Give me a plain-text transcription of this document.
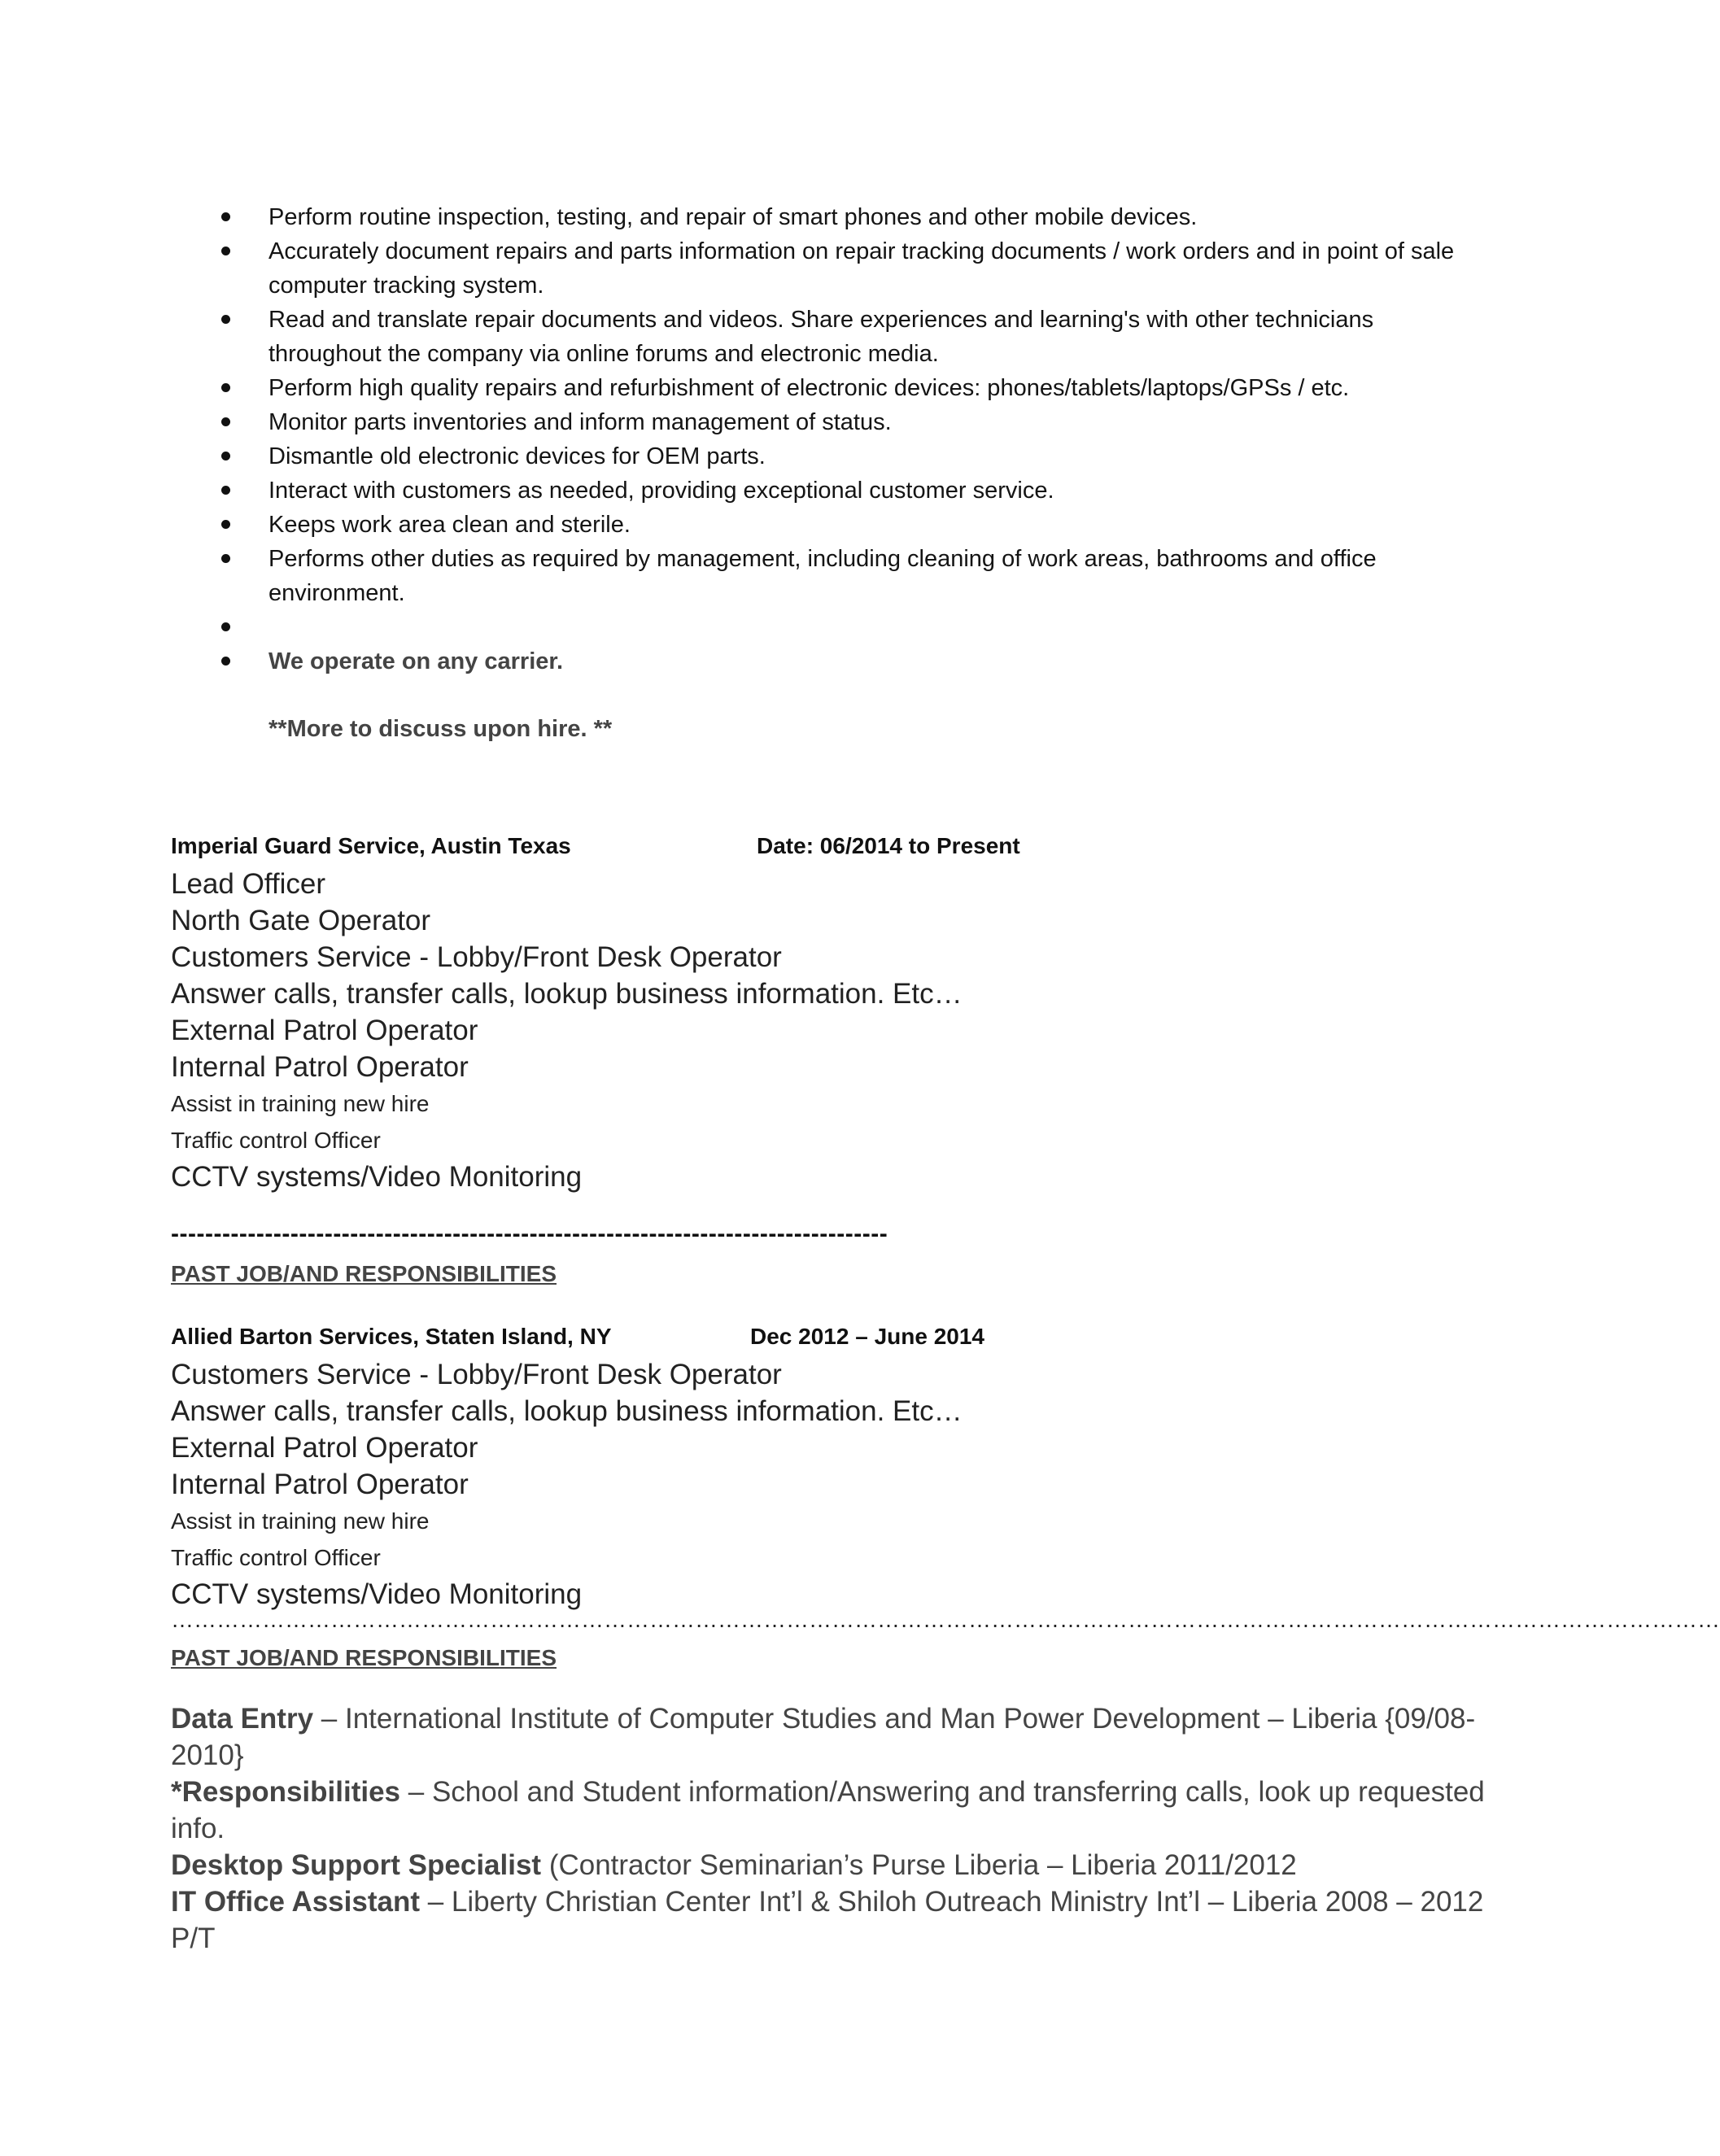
Perform routine inspection, testing, and repair of smart phones and other mobile devices.
Accurately document repairs and parts information on repair tracking documents / work orders and in point of sale computer tracking system.
Read and translate repair documents and videos. Share experiences and learning's with other technicians throughout the company via online forums and electronic media.
Perform high quality repairs and refurbishment of electronic devices: phones/tablets/laptops/GPSs / etc.
Monitor parts inventories and inform management of status.
Dismantle old electronic devices for OEM parts.
Interact with customers as needed, providing exceptional customer service.
Keeps work area clean and sterile.
Performs other duties as required by management, including cleaning of work areas, bathrooms and office environment.
We operate on any carrier.
**More to discuss upon hire. **
Imperial Guard Service, Austin Texas	Date: 06/2014 to Present
Lead Officer
North Gate Operator
Customers Service - Lobby/Front Desk Operator
Answer calls, transfer calls, lookup business information. Etc…
External Patrol Operator
Internal Patrol Operator
Assist in training new hire
Traffic control Officer
CCTV systems/Video Monitoring
------------------------------------------------------------------------------------
PAST JOB/AND RESPONSIBILITIES
Allied Barton Services, Staten Island, NY	Dec 2012 – June 2014
Customers Service - Lobby/Front Desk Operator
Answer calls, transfer calls, lookup business information. Etc…
External Patrol Operator
Internal Patrol Operator
Assist in training new hire
Traffic control Officer
CCTV systems/Video Monitoring
……………………………………………………………………………………………………………………………………………………………………………………
PAST JOB/AND RESPONSIBILITIES
Data Entry – International Institute of Computer Studies and Man Power Development – Liberia {09/08-2010}
*Responsibilities – School and Student information/Answering and transferring calls, look up requested info.
Desktop Support Specialist (Contractor Seminarian’s Purse Liberia – Liberia 2011/2012
IT Office Assistant – Liberty Christian Center Int’l & Shiloh Outreach Ministry Int’l – Liberia 2008 – 2012 P/T
